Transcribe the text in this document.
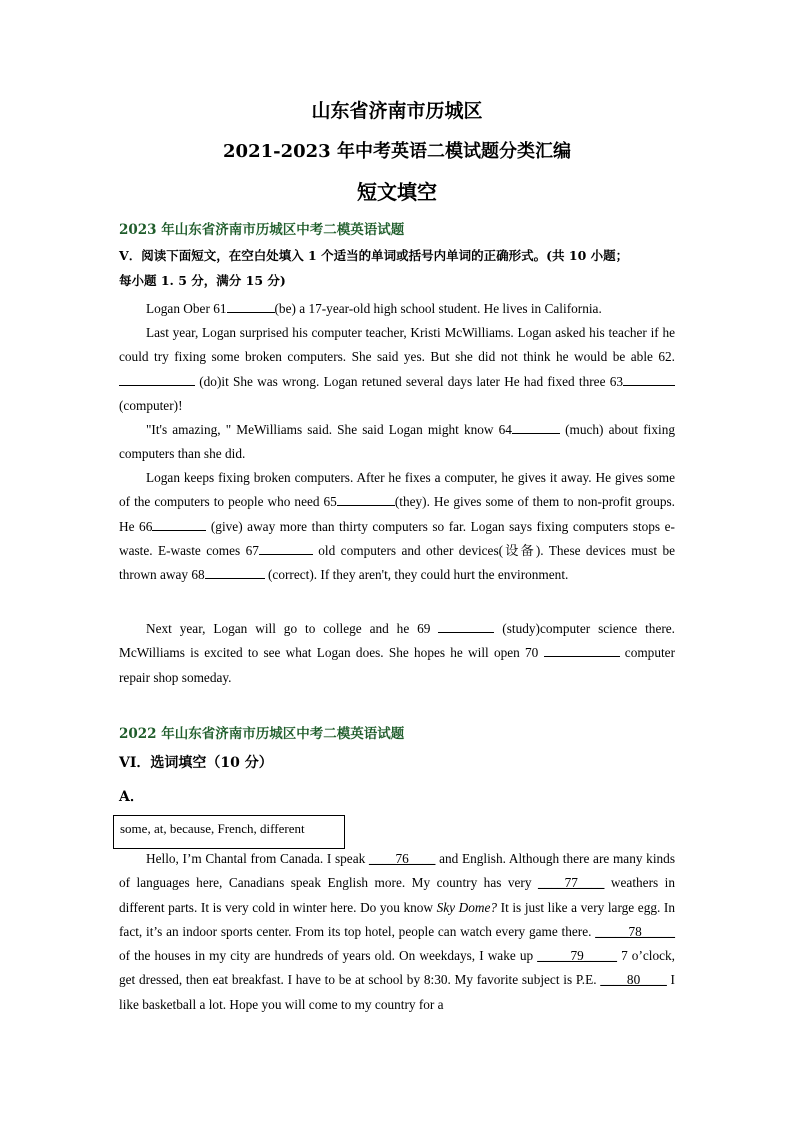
山东省济南市历城区
2021-2023 年中考英语二模试题分类汇编
短文填空
2023 年山东省济南市历城区中考二模英语试题
V．阅读下面短文，在空白处填入 1 个适当的单词或括号内单词的正确形式。(共 10 小题；
每小题 1. 5 分，满分 15 分)
Logan Ober 61	(be) a 17-year-old high school student. He lives in California.
Last year, Logan surprised his computer teacher, Kristi McWilliams. Logan asked his teacher if he could try fixing some broken computers. She said yes. But she did not think he would be able 62. (do)it She was wrong. Logan retuned several days later He had fixed three 63(computer)!
"It's amazing, " MeWilliams said. She said Logan might know 64	(much) about fixing computers than she did.
Logan keeps fixing broken computers. After he fixes a computer, he gives it away. He gives some of the computers to people who need 65	(they). He gives some of them to non-profit groups. He 66	(give) away more than thirty computers so far. Logan says fixing computers stops e-waste. E-waste comes 67	old computers and other devices(设备). These devices must be thrown away 68	(correct). If they aren't, they could hurt the environment.
Next year, Logan will go to college and he 69	(study)computer science there. McWilliams is excited to see what Logan does. She hopes he will open 70	computer repair shop someday.
2022 年山东省济南市历城区中考二模英语试题
VI．选词填空（10 分）
A．
some, at, because, French, different
Hello, I’m Chantal from Canada. I speak ____76____ and English. Although there are many kinds of languages here, Canadians speak English more. My country has very ____77____ weathers in different parts. It is very cold in winter here. Do you know Sky Dome? It is just like a very large egg. In fact, it’s an indoor sports center. From its top hotel, people can watch every game there. _____78_____ of the houses in my city are hundreds of years old. On weekdays, I wake up _____79_____ 7 o’clock, get dressed, then eat breakfast. I have to be at school by 8:30. My favorite subject is P.E. ____80____ I like basketball a lot. Hope you will come to my country for a
